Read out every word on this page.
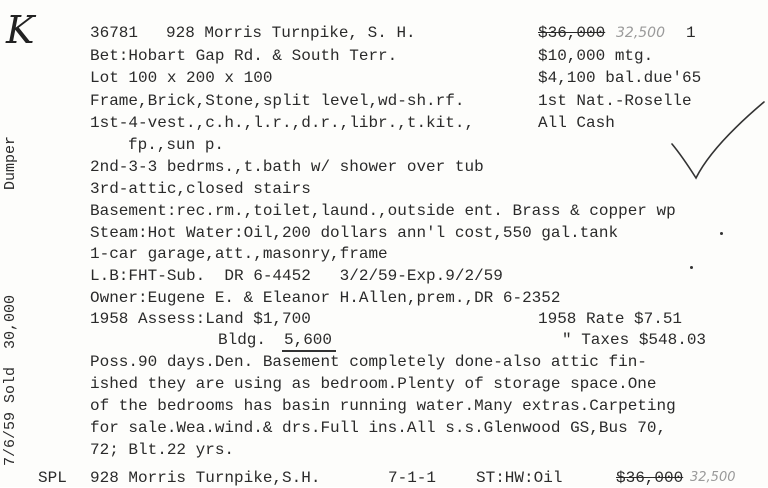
K
Dumper
7/6/59 Sold  30,000
36781 928 Morris Turnpike, S. H.	$36,000 32,500 1
Bet:Hobart Gap Rd. & South Terr.	$10,000 mtg.
Lot 100 x 200 x 100	$4,100 bal.due'65
Frame,Brick,Stone,split level,wd-sh.rf.	1st Nat.-Roselle
1st-4-vest.,c.h.,l.r.,d.r.,libr.,t.kit.,	All Cash
fp.,sun p.
2nd-3-3 bedrms.,t.bath w/ shower over tub
3rd-attic,closed stairs
Basement:rec.rm.,toilet,laund.,outside ent. Brass & copper wp
Steam:Hot Water:Oil,200 dollars ann'l cost,550 gal.tank
1-car garage,att.,masonry,frame
L.B:FHT-Sub.  DR 6-4452   3/2/59-Exp.9/2/59
Owner:Eugene E. & Eleanor H.Allen,prem.,DR 6-2352
1958 Assess:Land $1,700	1958 Rate $7.51
Bldg. 5,600	" Taxes $548.03
Poss.90 days.Den. Basement completely done-also attic fin-
ished they are using as bedroom.Plenty of storage space.One
of the bedrooms has basin running water.Many extras.Carpeting
for sale.Wea.wind.& drs.Full ins.All s.s.Glenwood GS,Bus 70,
72; Blt.22 yrs.
SPL 928 Morris Turnpike,S.H.	7-1-1 ST:HW:Oil	$36,000 32,500
